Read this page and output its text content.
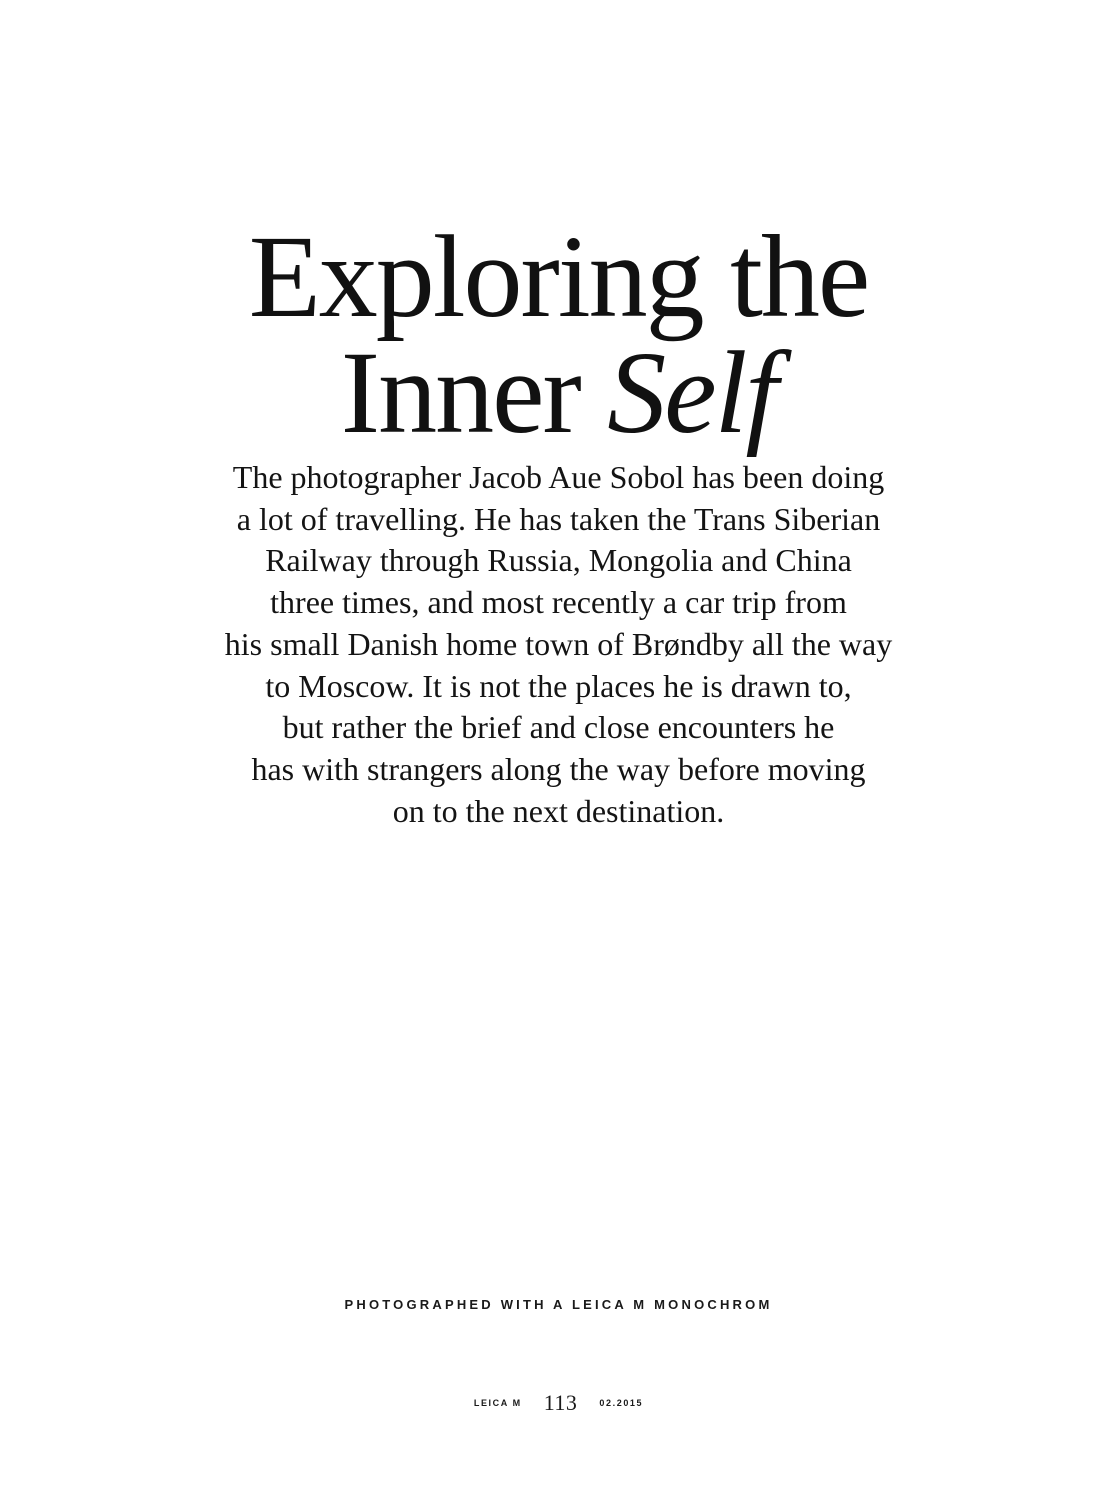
Exploring the
Inner Self

The photographer Jacob Aue Sobol has been doing
a lot of travelling. He has taken the Trans Siberian
Railway through Russia, Mongolia and China
three times, and most recently a car trip from
his small Danish home town of Brøndby all the way
to Moscow. It is not the places he is drawn to,
but rather the brief and close encounters he
has with strangers along the way before moving
on to the next destination.

PHOTOGRAPHED WITH A LEICA M MONOCHROM
LEICA M 113 02.2015
